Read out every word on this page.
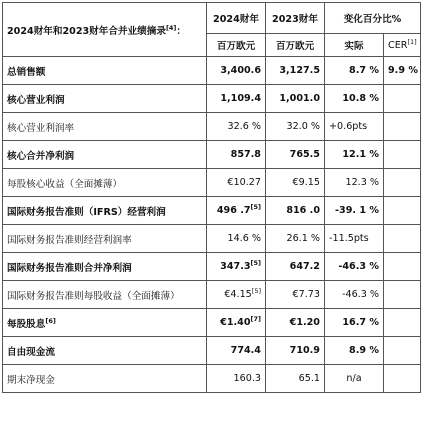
2024财年和2023财年合并业绩摘录[4]：	2024财年	2023财年	变化百分比%	
	百万欧元	百万欧元	实际	CER[1]
总销售额	3,400.6	3,127.5	8.7 %	9.9 %
核心营业利润	1,109.4	1,001.0	10.8 %	
核心营业利润率	32.6 %	32.0 %	+0.6pts	
核心合并净利润	857.8	765.5	12.1 %	
每股核心收益（全面摊薄）	€10.27	€9.15	12.3 %	
国际财务报告准则（IFRS）经营利润	496 .7[5]	816 .0	-39. 1 %	
国际财务报告准则经营利润率	14.6 %	26.1 %	-11.5pts	
国际财务报告准则合并净利润	347.3[5]	647.2	-46.3 %	
国际财务报告准则每股收益（全面摊薄）	€4.15[5]	€7.73	-46.3 %	
每股股息[6]	€1.40[7]	€1.20	16.7 %	
自由现金流	774.4	710.9	8.9 %	
期末净现金	160.3	65.1	n/a	
